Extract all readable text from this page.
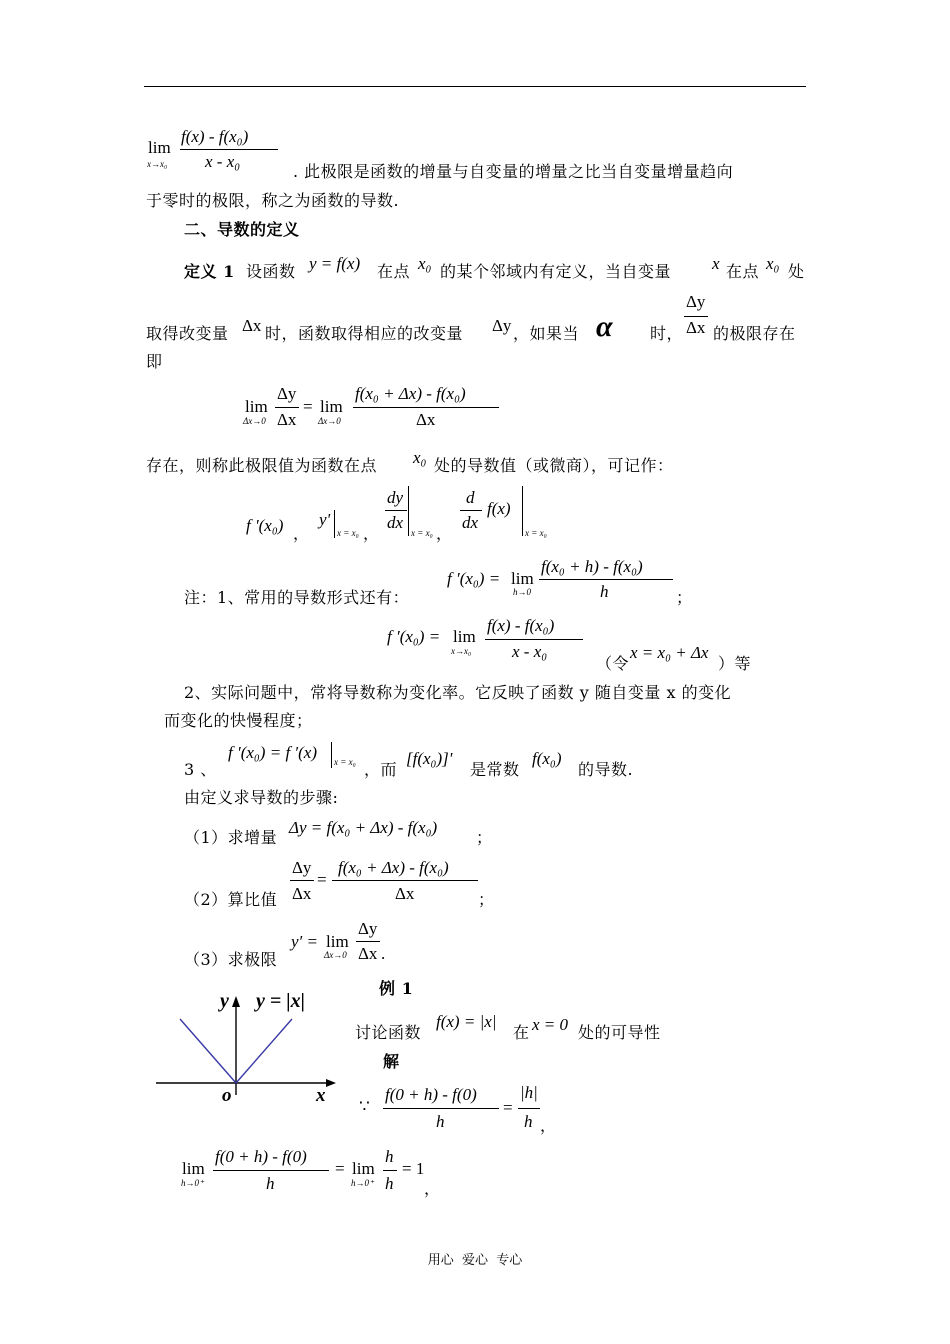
lim
x→x₀
f(x) - f(x₀)
x - x₀
. 此极限是函数的增量与自变量的增量之比当自变量增量趋向
于零时的极限，称之为函数的导数.
二、导数的定义
定义 1 设函数 y = f(x) 在点 x₀ 的某个邻域内有定义，当自变量 x 在点 x₀ 处
取得改变量 Δx 时，函数取得相应的改变量 Δy ，如果当 α 时，
Δy
Δx 的极限存在
即
lim
Δx→0
Δy
Δx
= lim
Δx→0
f(x₀ + Δx) - f(x₀)
Δx
存在，则称此极限值为函数在点 x₀ 处的导数值（或微商），可记作：
f '(x₀) ，
y'
x = x₀ ，
dy
dx
x = x₀ ，
d
dx
f(x)
x = x₀
注：1、常用的导数形式还有：
f ′(x₀) = lim
h→0
f(x₀ + h) - f(x₀)
h	；
f ′(x₀) = lim
x→x₀
f(x) - f(x₀)
x - x₀
（令
x = x₀ + Δx
）等
2、实际问题中，常将导数称为变化率。它反映了函数 y 随自变量 x 的变化
而变化的快慢程度；
3 、
f ′(x₀) = f ′(x) x = x₀ ，而
[f(x₀)]'
是常数
f(x₀)
的导数.
由定义求导数的步骤:
（1）求增量
Δy = f(x₀ + Δx) - f(x₀)
；
（2）算比值
Δy
Δx
=
f(x₀ + Δx) - f(x₀)
Δx	；
（3）求极限
y′ = lim
Δx→0
Δy
Δx .
y y = |x|
o	x
例 1
讨论函数
f(x) = |x|
在 x = 0 处的可导性
解
∵
f(0 + h) - f(0)
h
=
|h|
h ，
lim
h→0⁺
f(0 + h) - f(0)
h
= lim
h→0⁺
h
h
= 1
，
用心  爱心  专心
